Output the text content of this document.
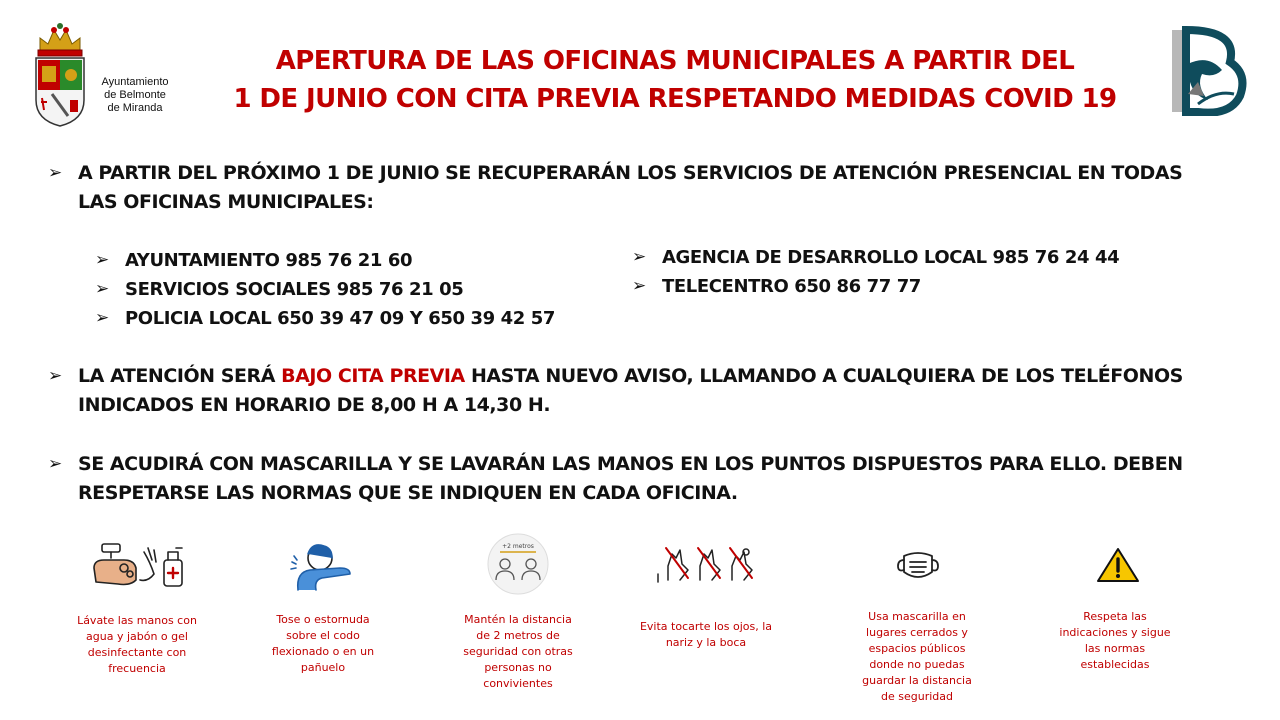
Ayuntamiento
de Belmonte
de Miranda
APERTURA DE LAS OFICINAS MUNICIPALES A PARTIR DEL
1 DE JUNIO CON CITA PREVIA RESPETANDO MEDIDAS COVID 19
➢ A PARTIR DEL PRÓXIMO 1 DE JUNIO SE RECUPERARÁN LOS SERVICIOS DE ATENCIÓN PRESENCIAL EN TODAS
LAS OFICINAS MUNICIPALES:
➢ AYUNTAMIENTO 985 76 21 60
➢ SERVICIOS SOCIALES 985 76 21 05
➢ POLICIA LOCAL 650 39 47 09 Y 650 39 42 57
➢ AGENCIA DE DESARROLLO LOCAL 985 76 24 44
➢ TELECENTRO 650 86 77 77
➢ LA ATENCIÓN SERÁ BAJO CITA PREVIA HASTA NUEVO AVISO, LLAMANDO A CUALQUIERA DE LOS TELÉFONOS
INDICADOS EN HORARIO DE 8,00 H A 14,30 H.
➢ SE ACUDIRÁ CON MASCARILLA Y SE LAVARÁN LAS MANOS EN LOS PUNTOS DISPUESTOS PARA ELLO. DEBEN
RESPETARSE LAS NORMAS QUE SE INDIQUEN EN CADA OFICINA.
Lávate las manos con
agua y jabón o gel
desinfectante con
frecuencia
Tose o estornuda
sobre el codo
flexionado o en un
pañuelo
+2 metros
Mantén la distancia
de 2 metros de
seguridad con otras
personas no
convivientes
Evita tocarte los ojos, la
nariz y la boca
Usa mascarilla en
lugares cerrados y
espacios públicos
donde no puedas
guardar la distancia
de seguridad
Respeta las
indicaciones y sigue
las normas
establecidas
